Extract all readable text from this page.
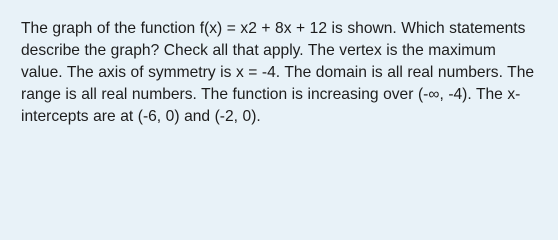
The graph of the function f(x) = x2 + 8x + 12 is shown. Which statements describe the graph? Check all that apply. The vertex is the maximum value. The axis of symmetry is x = -4. The domain is all real numbers. The range is all real numbers. The function is increasing over (-∞, -4). The x-intercepts are at (-6, 0) and (-2, 0).
